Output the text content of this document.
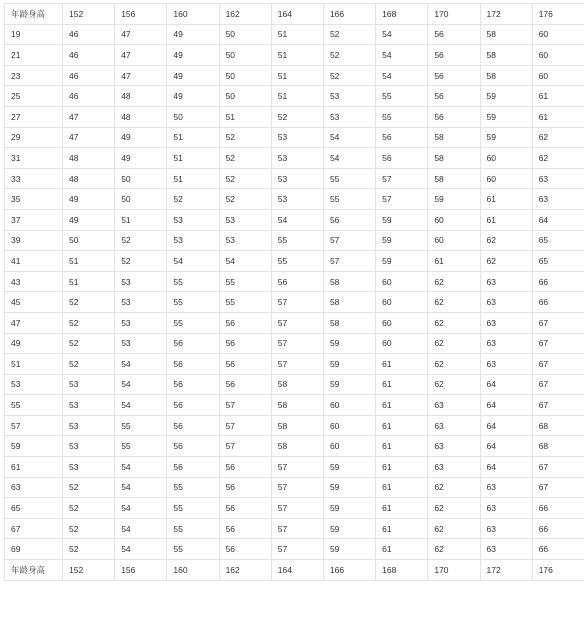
年龄身高	152	156	160	162	164	166	168	170	172	176
19	46	47	49	50	51	52	54	56	58	60
21	46	47	49	50	51	52	54	56	58	60
23	46	47	49	50	51	52	54	56	58	60
25	46	48	49	50	51	53	55	56	59	61
27	47	48	50	51	52	53	55	56	59	61
29	47	49	51	52	53	54	56	58	59	62
31	48	49	51	52	53	54	56	58	60	62
33	48	50	51	52	53	55	57	58	60	63
35	49	50	52	52	53	55	57	59	61	63
37	49	51	53	53	54	56	59	60	61	64
39	50	52	53	53	55	57	59	60	62	65
41	51	52	54	54	55	57	59	61	62	65
43	51	53	55	55	56	58	60	62	63	66
45	52	53	55	55	57	58	60	62	63	66
47	52	53	55	56	57	58	60	62	63	67
49	52	53	56	56	57	59	60	62	63	67
51	52	54	56	56	57	59	61	62	63	67
53	53	54	56	56	58	59	61	62	64	67
55	53	54	56	57	58	60	61	63	64	67
57	53	55	56	57	58	60	61	63	64	68
59	53	55	56	57	58	60	61	63	64	68
61	53	54	56	56	57	59	61	63	64	67
63	52	54	55	56	57	59	61	62	63	67
65	52	54	55	56	57	59	61	62	63	66
67	52	54	55	56	57	59	61	62	63	66
69	52	54	55	56	57	59	61	62	63	66
年龄身高	152	156	160	162	164	166	168	170	172	176
